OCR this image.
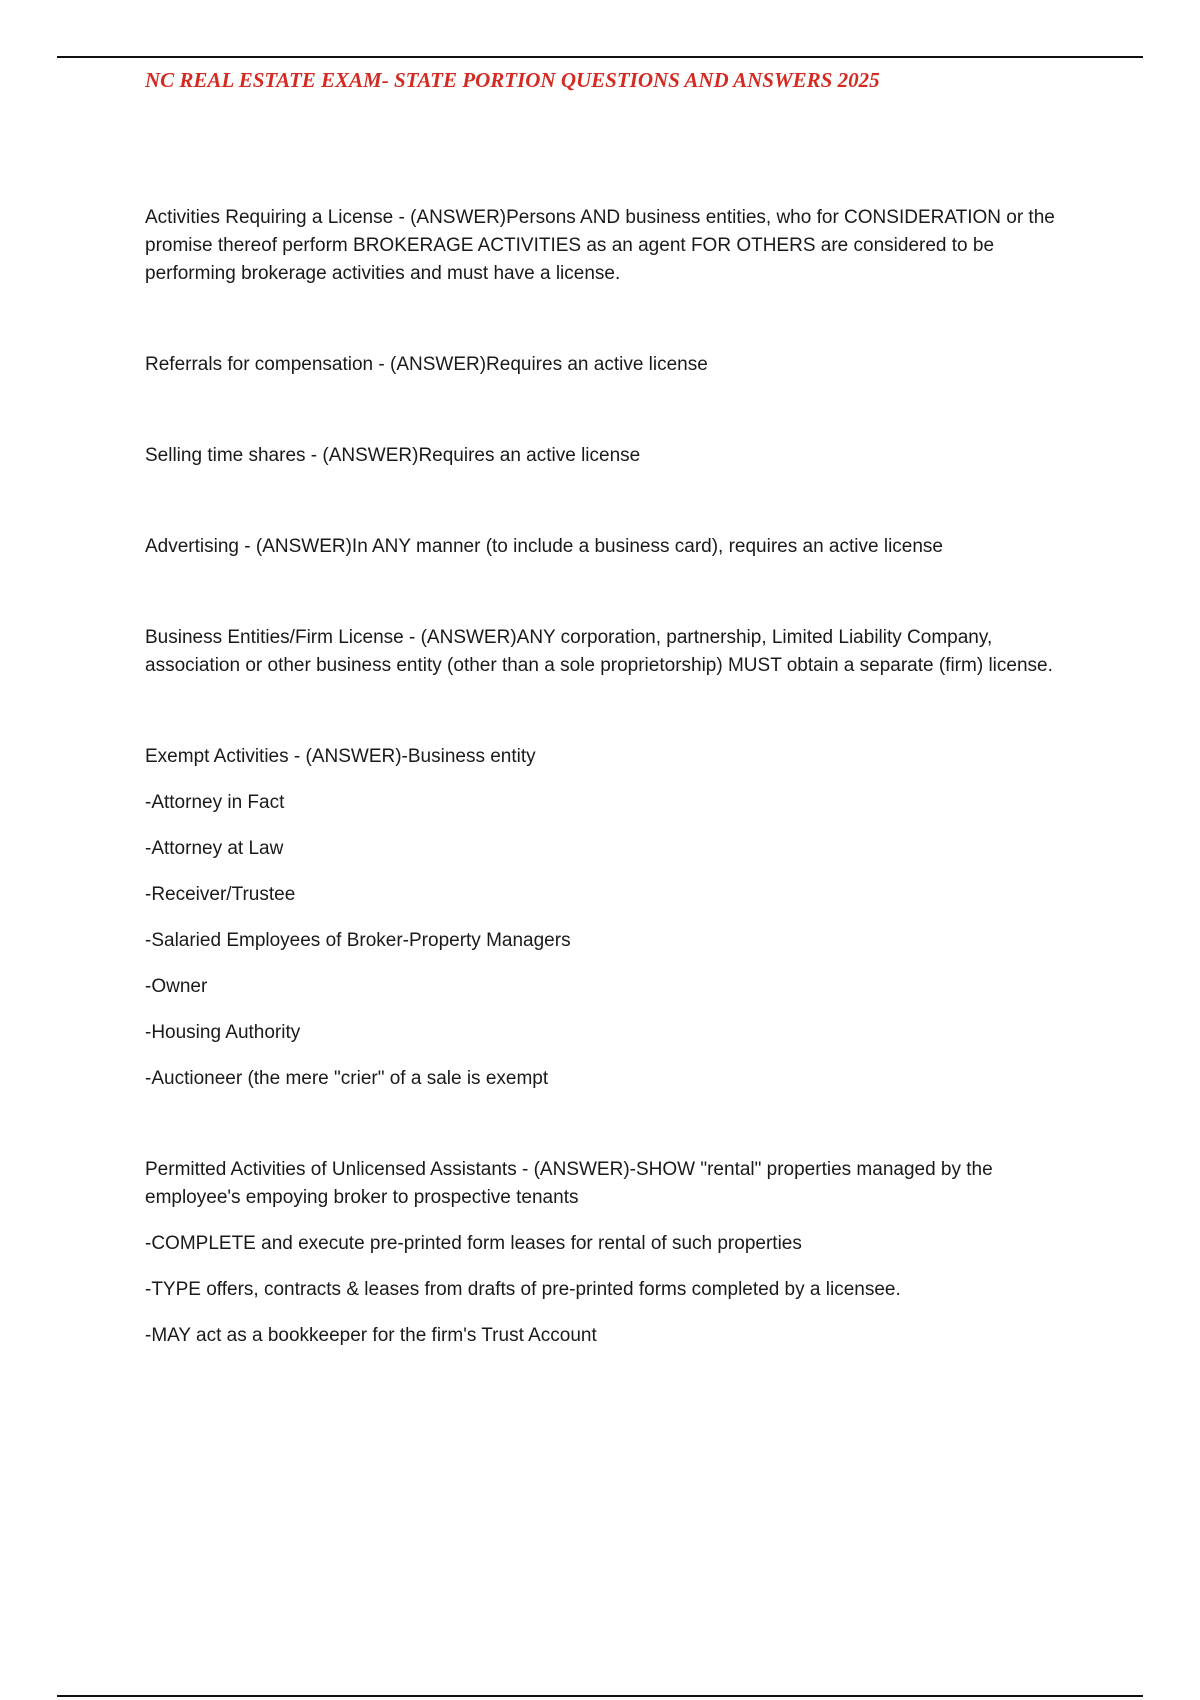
NC REAL ESTATE EXAM- STATE PORTION QUESTIONS AND ANSWERS 2025

Activities Requiring a License - (ANSWER)Persons AND business entities, who for CONSIDERATION or the promise thereof perform BROKERAGE ACTIVITIES as an agent FOR OTHERS are considered to be performing brokerage activities and must have a license.

Referrals for compensation - (ANSWER)Requires an active license

Selling time shares - (ANSWER)Requires an active license

Advertising - (ANSWER)In ANY manner (to include a business card), requires an active license

Business Entities/Firm License - (ANSWER)ANY corporation, partnership, Limited Liability Company, association or other business entity (other than a sole proprietorship) MUST obtain a separate (firm) license.

Exempt Activities - (ANSWER)-Business entity

-Attorney in Fact

-Attorney at Law

-Receiver/Trustee

-Salaried Employees of Broker-Property Managers

-Owner

-Housing Authority

-Auctioneer (the mere "crier" of a sale is exempt

Permitted Activities of Unlicensed Assistants - (ANSWER)-SHOW "rental" properties managed by the employee's empoying broker to prospective tenants

-COMPLETE and execute pre-printed form leases for rental of such properties

-TYPE offers, contracts & leases from drafts of pre-printed forms completed by a licensee.

-MAY act as a bookkeeper for the firm's Trust Account
